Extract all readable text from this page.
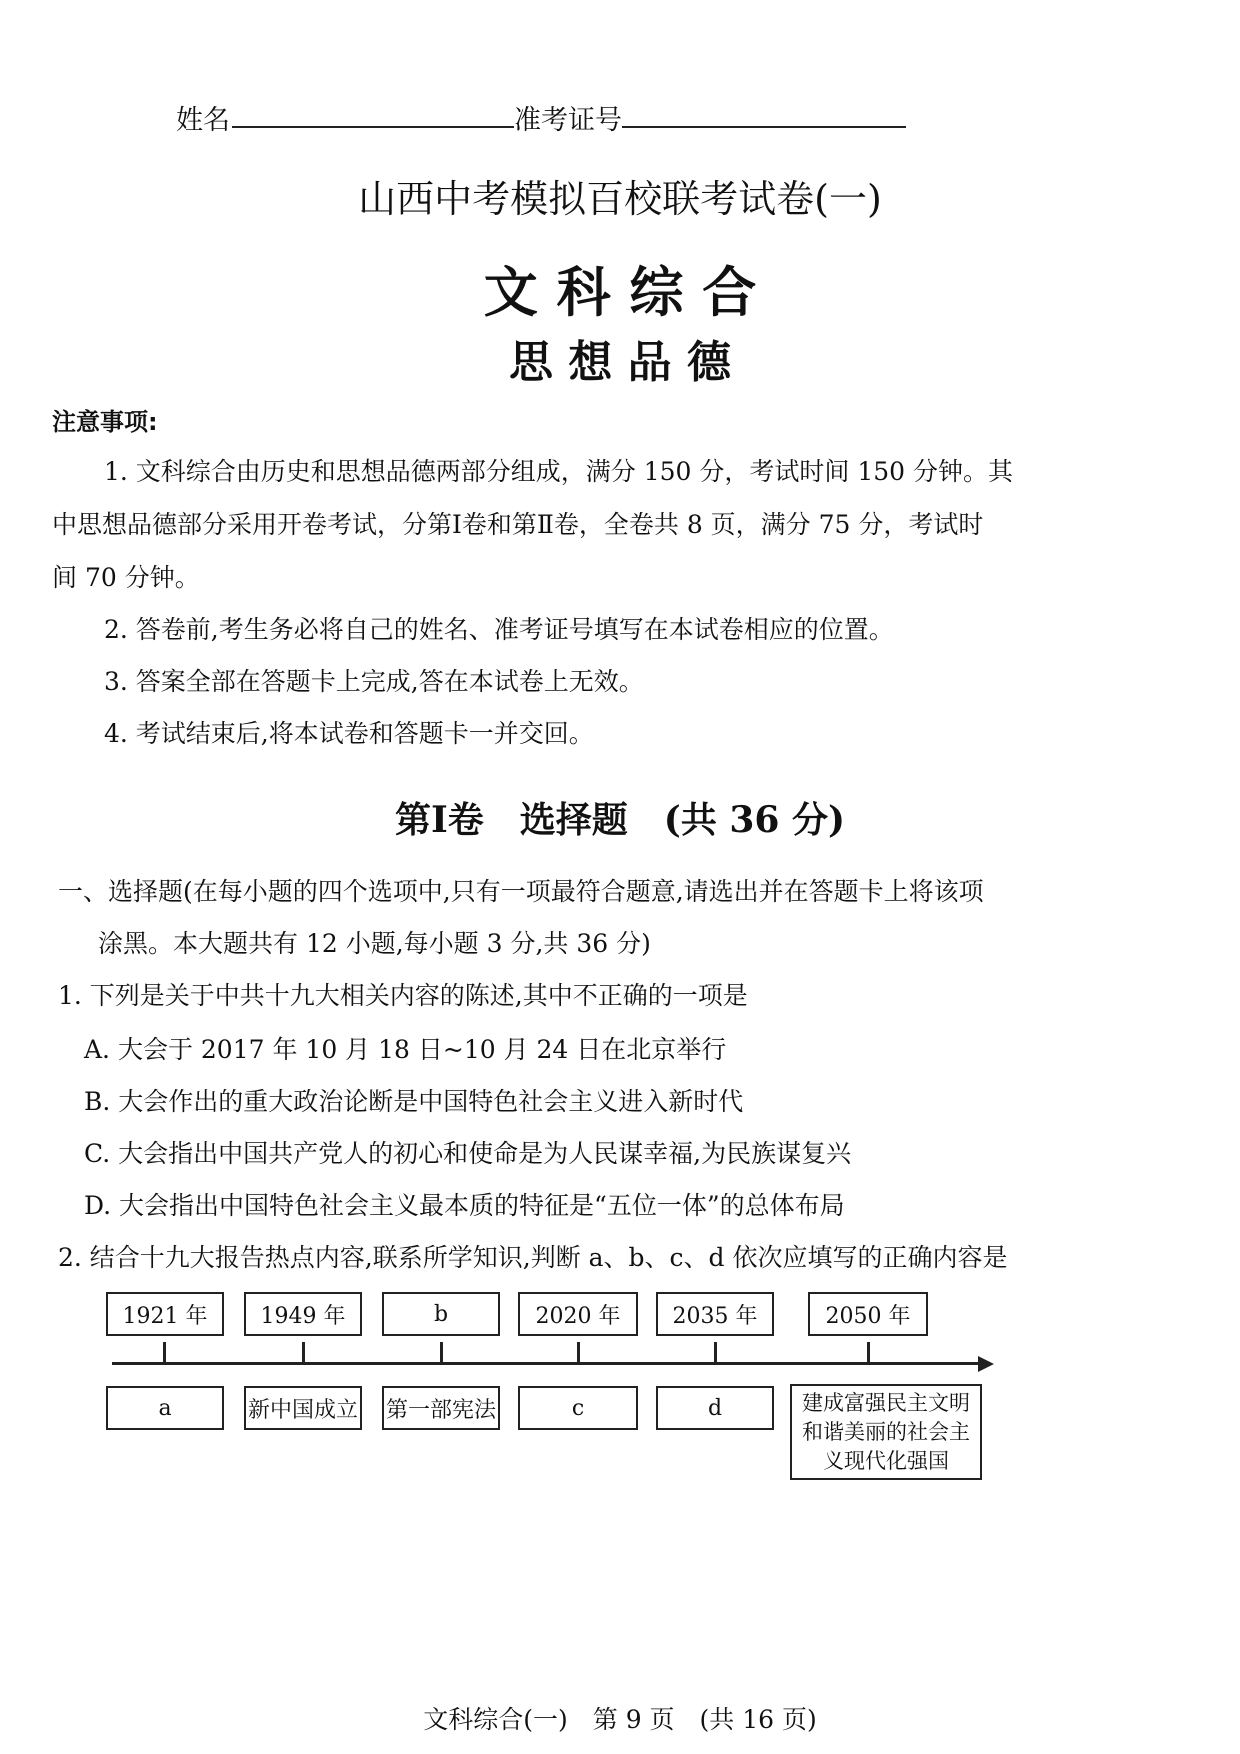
姓名	准考证号
山西中考模拟百校联考试卷(一)
文 科 综 合
思 想 品 德
注意事项:
1. 文科综合由历史和思想品德两部分组成，满分 150 分，考试时间 150 分钟。其
中思想品德部分采用开卷考试，分第Ⅰ卷和第Ⅱ卷，全卷共 8 页，满分 75 分，考试时
间 70 分钟。
2. 答卷前,考生务必将自己的姓名、准考证号填写在本试卷相应的位置。
3. 答案全部在答题卡上完成,答在本试卷上无效。
4. 考试结束后,将本试卷和答题卡一并交回。
第Ⅰ卷　选择题　(共 36 分)
一、选择题(在每小题的四个选项中,只有一项最符合题意,请选出并在答题卡上将该项
涂黑。本大题共有 12 小题,每小题 3 分,共 36 分)
1. 下列是关于中共十九大相关内容的陈述,其中不正确的一项是
A. 大会于 2017 年 10 月 18 日~10 月 24 日在北京举行
B. 大会作出的重大政治论断是中国特色社会主义进入新时代
C. 大会指出中国共产党人的初心和使命是为人民谋幸福,为民族谋复兴
D. 大会指出中国特色社会主义最本质的特征是“五位一体”的总体布局
2. 结合十九大报告热点内容,联系所学知识,判断 a、b、c、d 依次应填写的正确内容是
1921 年	1949 年	b	2020 年	2035 年	2050 年
a	新中国成立 第一部宪法	c	d	建成富强民主文明和谐美丽的社会主义现代化强国
文科综合(一)　第 9 页　(共 16 页)
